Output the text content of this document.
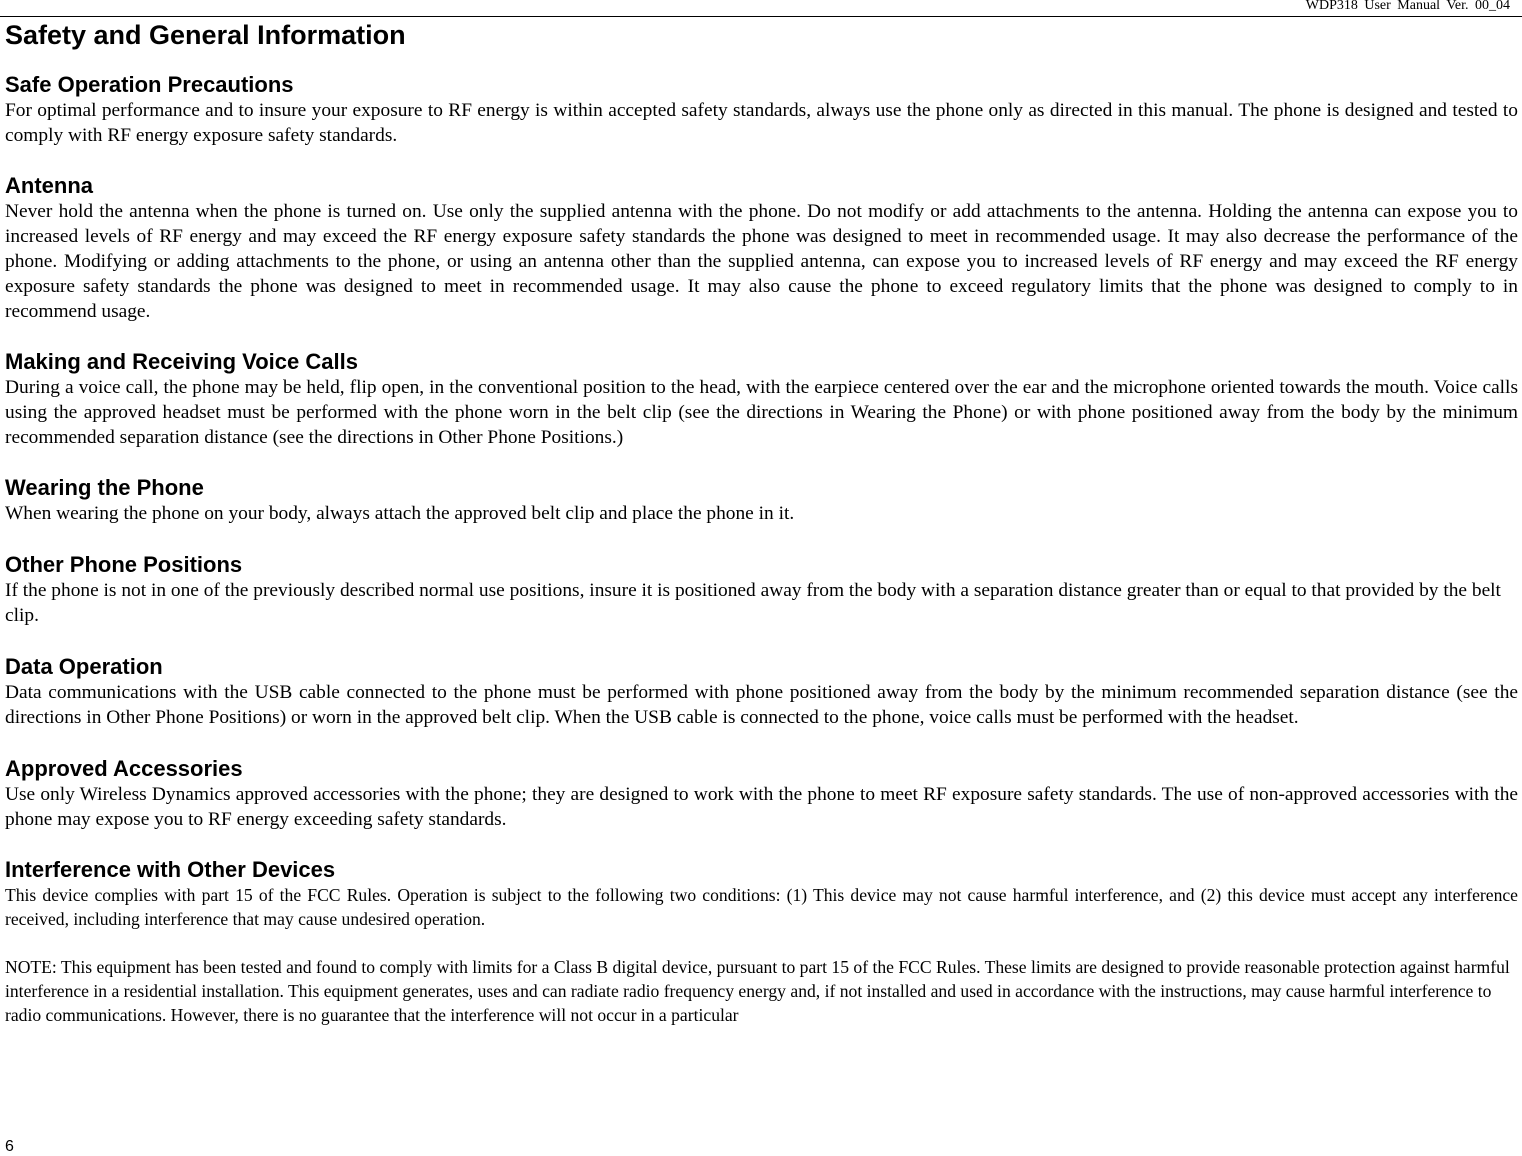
WDP318 User Manual Ver. 00_04
Safety and General Information
Safe Operation Precautions

For optimal performance and to insure your exposure to RF energy is within accepted safety standards, always use the phone only as directed in this manual. The phone is designed and tested to comply with RF energy exposure safety standards.

Antenna

Never hold the antenna when the phone is turned on. Use only the supplied antenna with the phone. Do not modify or add attachments to the antenna. Holding the antenna can expose you to increased levels of RF energy and may exceed the RF energy exposure safety standards the phone was designed to meet in recommended usage. It may also decrease the performance of the phone. Modifying or adding attachments to the phone, or using an antenna other than the supplied antenna, can expose you to increased levels of RF energy and may exceed the RF energy exposure safety standards the phone was designed to meet in recommended usage. It may also cause the phone to exceed regulatory limits that the phone was designed to comply to in recommend usage.

Making and Receiving Voice Calls

During a voice call, the phone may be held, flip open, in the conventional position to the head, with the earpiece centered over the ear and the microphone oriented towards the mouth. Voice calls using the approved headset must be performed with the phone worn in the belt clip (see the directions in Wearing the Phone) or with phone positioned away from the body by the minimum recommended separation distance (see the directions in Other Phone Positions.)

Wearing the Phone

When wearing the phone on your body, always attach the approved belt clip and place the phone in it.

Other Phone Positions

If the phone is not in one of the previously described normal use positions, insure it is positioned away from the body with a separation distance greater than or equal to that provided by the belt clip.

Data Operation

Data communications with the USB cable connected to the phone must be performed with phone positioned away from the body by the minimum recommended separation distance (see the directions in Other Phone Positions) or worn in the approved belt clip. When the USB cable is connected to the phone, voice calls must be performed with the headset.

Approved Accessories

Use only Wireless Dynamics approved accessories with the phone; they are designed to work with the phone to meet RF exposure safety standards. The use of non-approved accessories with the phone may expose you to RF energy exceeding safety standards.

Interference with Other Devices

This device complies with part 15 of the FCC Rules. Operation is subject to the following two conditions: (1) This device may not cause harmful interference, and (2) this device must accept any interference received, including interference that may cause undesired operation.

NOTE: This equipment has been tested and found to comply with limits for a Class B digital device, pursuant to part 15 of the FCC Rules. These limits are designed to provide reasonable protection against harmful interference in a residential installation. This equipment generates, uses and can radiate radio frequency energy and, if not installed and used in accordance with the instructions, may cause harmful interference to radio communications. However, there is no guarantee that the interference will not occur in a particular

6
